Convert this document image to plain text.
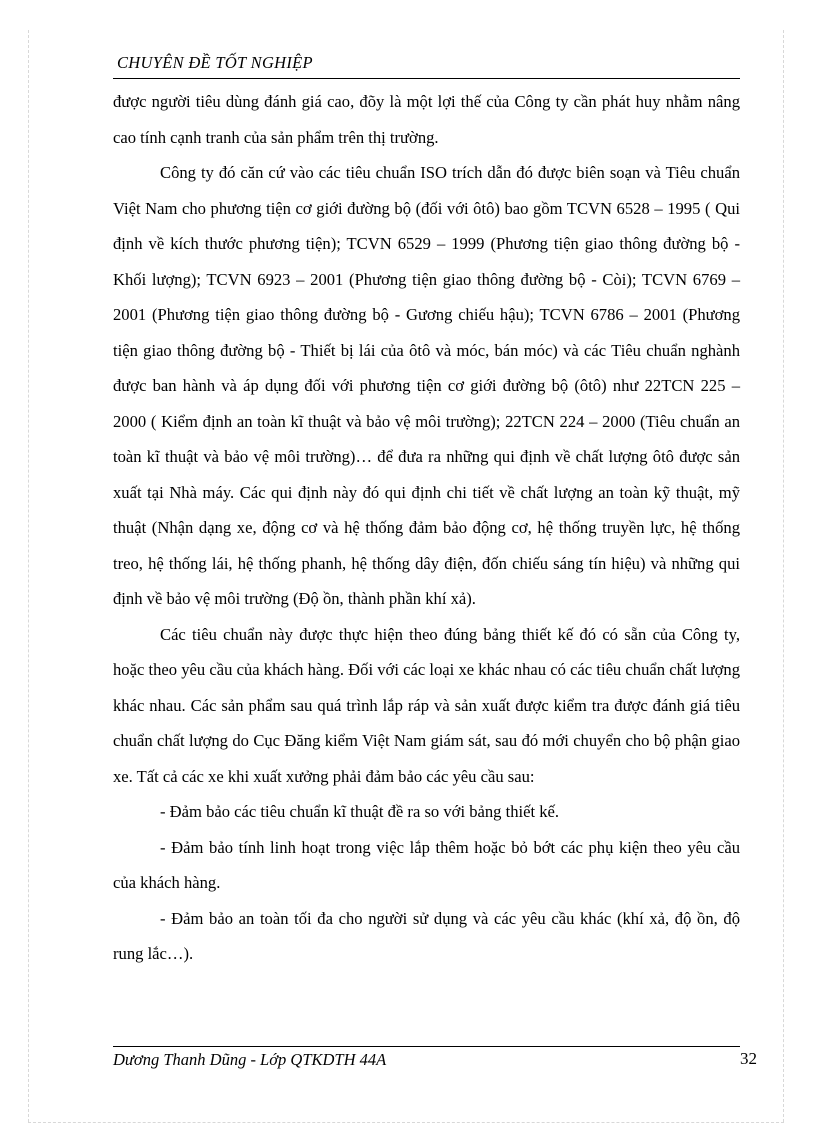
CHUYÊN ĐỀ TỐT NGHIỆP

được người tiêu dùng đánh giá cao, đõy là một lợi thế của Công ty cần phát huy nhằm nâng cao tính cạnh tranh của sản phẩm trên thị trường.

Công ty đó căn cứ vào các tiêu chuẩn ISO trích dẫn đó được biên soạn và Tiêu chuẩn Việt Nam cho phương tiện cơ giới đường bộ (đối với ôtô) bao gồm TCVN 6528 – 1995 ( Qui định về kích thước phương tiện); TCVN 6529 – 1999 (Phương tiện giao thông đường bộ - Khối lượng); TCVN 6923 – 2001 (Phương tiện giao thông đường bộ - Còi); TCVN 6769 – 2001 (Phương tiện giao thông đường bộ - Gương chiếu hậu); TCVN 6786 – 2001 (Phương tiện giao thông đường bộ - Thiết bị lái của ôtô và móc, bán móc) và các Tiêu chuẩn nghành được ban hành và áp dụng đối với phương tiện cơ giới đường bộ (ôtô) như 22TCN 225 – 2000 ( Kiểm định an toàn kĩ thuật và bảo vệ môi trường); 22TCN 224 – 2000 (Tiêu chuẩn an toàn kĩ thuật và bảo vệ môi trường)… để đưa ra những qui định về chất lượng ôtô được sản xuất tại Nhà máy. Các qui định này đó qui định chi tiết về chất lượng an toàn kỹ thuật, mỹ thuật (Nhận dạng xe, động cơ và hệ thống đảm bảo động cơ, hệ thống truyền lực, hệ thống treo, hệ thống lái, hệ thống phanh, hệ thống dây điện, đốn chiếu sáng tín hiệu) và những qui định về bảo vệ môi trường (Độ ồn, thành phần khí xả).

Các tiêu chuẩn này được thực hiện theo đúng bảng thiết kế đó có sẵn của Công ty, hoặc theo yêu cầu của khách hàng. Đối với các loại xe khác nhau có các tiêu chuẩn chất lượng khác nhau. Các sản phẩm sau quá trình lắp ráp và sản xuất được kiểm tra được đánh giá tiêu chuẩn chất lượng do Cục Đăng kiểm Việt Nam giám sát, sau đó mới chuyển cho bộ phận giao xe. Tất cả các xe khi xuất xưởng phải đảm bảo các yêu cầu sau:

- Đảm bảo các tiêu chuẩn kĩ thuật đề ra so với bảng thiết kế.

- Đảm bảo tính linh hoạt trong việc lắp thêm hoặc bỏ bớt các phụ kiện theo yêu cầu của khách hàng.

- Đảm bảo an toàn tối đa cho người sử dụng và các yêu cầu khác (khí xả, độ ồn, độ rung lắc…).

Dương Thanh Dũng - Lớp QTKDTH 44A	32
